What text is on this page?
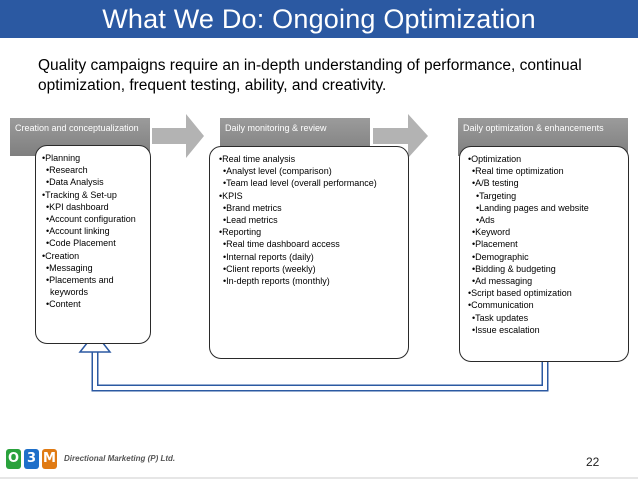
What We Do: Ongoing Optimization
Quality campaigns require an in-depth understanding of performance, continual optimization, frequent testing, ability, and creativity.
Creation and conceptualization	Daily monitoring & review	Daily optimization & enhancements
•Planning
•Research
•Data Analysis
•Tracking & Set-up
•KPI dashboard
•Account configuration
•Account linking
•Code Placement
•Creation
•Messaging
•Placements and
keywords
•Content
•Real time analysis
•Analyst level (comparison)
•Team lead level (overall performance)
•KPIS
•Brand metrics
•Lead metrics
•Reporting
•Real time dashboard access
•Internal reports (daily)
•Client reports (weekly)
•In-depth reports (monthly)
•Optimization
•Real time optimization
•A/B testing
•Targeting
•Landing pages and website
•Ads
•Keyword
•Placement
•Demographic
•Bidding & budgeting
•Ad messaging
•Script based optimization
•Communication
•Task updates
•Issue escalation
O 3 M Directional Marketing (P) Ltd.	22
